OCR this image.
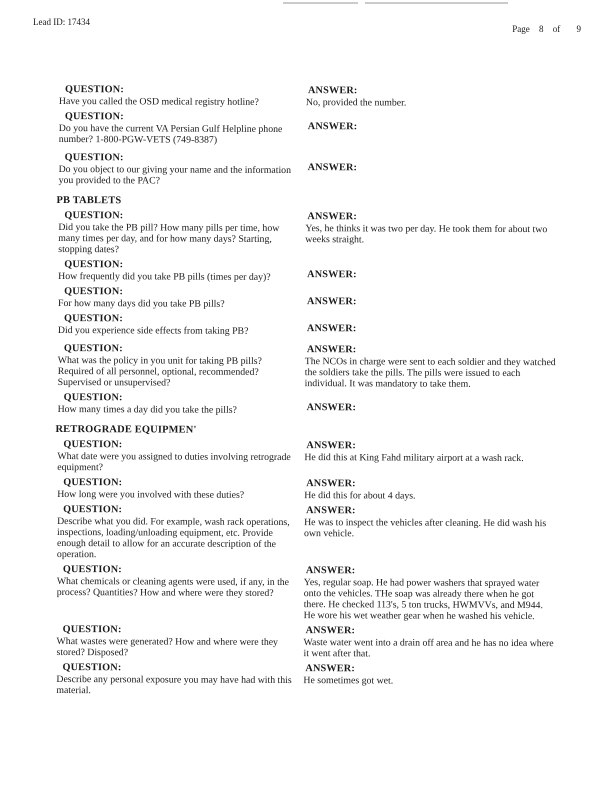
Lead ID: 17434
Page 8 of 9
QUESTION:
Have you called the OSD medical registry hotline?
ANSWER:
No, provided the number.
QUESTION:
Do you have the current VA Persian Gulf Helpline phone number? 1-800-PGW-VETS (749-8387)
ANSWER:
QUESTION:
Do you object to our giving your name and the information you provided to the PAC?
ANSWER:
PB TABLETS
QUESTION:
Did you take the PB pill? How many pills per time, how many times per day, and for how many days? Starting, stopping dates?
ANSWER:
Yes, he thinks it was two per day. He took them for about two weeks straight.
QUESTION:
How frequently did you take PB pills (times per day)?	ANSWER:
QUESTION:
For how many days did you take PB pills?	ANSWER:
QUESTION:
Did you experience side effects from taking PB?	ANSWER:
QUESTION:
What was the policy in you unit for taking PB pills? Required of all personnel, optional, recommended? Supervised or unsupervised?
ANSWER:
The NCOs in charge were sent to each soldier and they watched the soldiers take the pills. The pills were issued to each individual. It was mandatory to take them.
QUESTION:
How many times a day did you take the pills?	ANSWER:
RETROGRADE EQUIPMEN'
QUESTION:
What date were you assigned to duties involving retrograde equipment?
ANSWER:
He did this at King Fahd military airport at a wash rack.
QUESTION:
How long were you involved with these duties?
ANSWER:
He did this for about 4 days.
QUESTION:
Describe what you did. For example, wash rack operations, inspections, loading/unloading equipment, etc. Provide enough detail to allow for an accurate description of the operation.
ANSWER:
He was to inspect the vehicles after cleaning. He did wash his own vehicle.
QUESTION:
What chemicals or cleaning agents were used, if any, in the process? Quantities? How and where were they stored?
ANSWER:
Yes, regular soap. He had power washers that sprayed water onto the vehicles. THe soap was already there when he got there. He checked 113's, 5 ton trucks, HWMVVs, and M944. He wore his wet weather gear when he washed his vehicle.
QUESTION:
What wastes were generated? How and where were they stored? Disposed?
ANSWER:
Waste water went into a drain off area and he has no idea where it went after that.
QUESTION:
Describe any personal exposure you may have had with this material.
ANSWER:
He sometimes got wet.
